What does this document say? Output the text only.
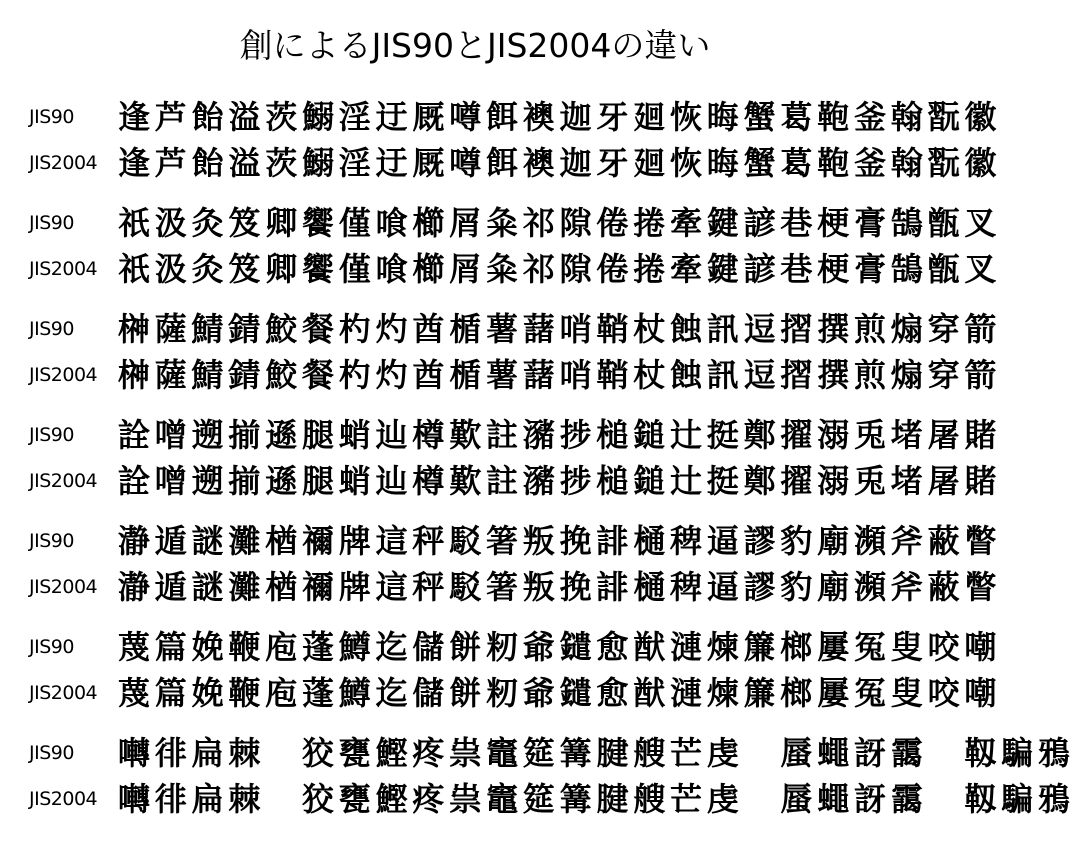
創によるJIS90とJIS2004の違い
JIS90	逢芦飴溢茨鰯淫迂厩噂餌襖迦牙廻恢晦蟹葛鞄釜翰翫徽
JIS2004 逢芦飴溢茨鰯淫迂厩噂餌襖迦牙廻恢晦蟹葛鞄釜翰翫徽
JIS90	祇汲灸笈卿饗僅喰櫛屑粂祁隙倦捲牽鍵諺巷梗膏鵠甑叉
JIS2004 祇汲灸笈卿饗僅喰櫛屑粂祁隙倦捲牽鍵諺巷梗膏鵠甑叉
JIS90	榊薩鯖錆鮫餐杓灼酋楯薯藷哨鞘杖蝕訊逗摺撰煎煽穿箭
JIS2004 榊薩鯖錆鮫餐杓灼酋楯薯藷哨鞘杖蝕訊逗摺撰煎煽穿箭
JIS90	詮噌遡揃遜腿蛸辿樽歎註瀦捗槌鎚辻挺鄭擢溺兎堵屠賭
JIS2004 詮噌遡揃遜腿蛸辿樽歎註瀦捗槌鎚辻挺鄭擢溺兎堵屠賭
JIS90	瀞遁謎灘楢禰牌這秤駁箸叛挽誹樋稗逼謬豹廟瀕斧蔽瞥
JIS2004 瀞遁謎灘楢禰牌這秤駁箸叛挽誹樋稗逼謬豹廟瀕斧蔽瞥
JIS90	蔑篇娩鞭庖蓬鱒迄儲餅籾爺鑓愈猷漣煉簾榔屢冤叟咬嘲
JIS2004 蔑篇娩鞭庖蓬鱒迄儲餅籾爺鑓愈猷漣煉簾榔屢冤叟咬嘲
JIS90	囀徘扁棘　狡甕鰹疼祟竈筵篝腱艘芒虔　蜃蠅訝靄　靱騙鴉
JIS2004 囀徘扁棘　狡甕鰹疼祟竈筵篝腱艘芒虔　蜃蠅訝靄　靱騙鴉
